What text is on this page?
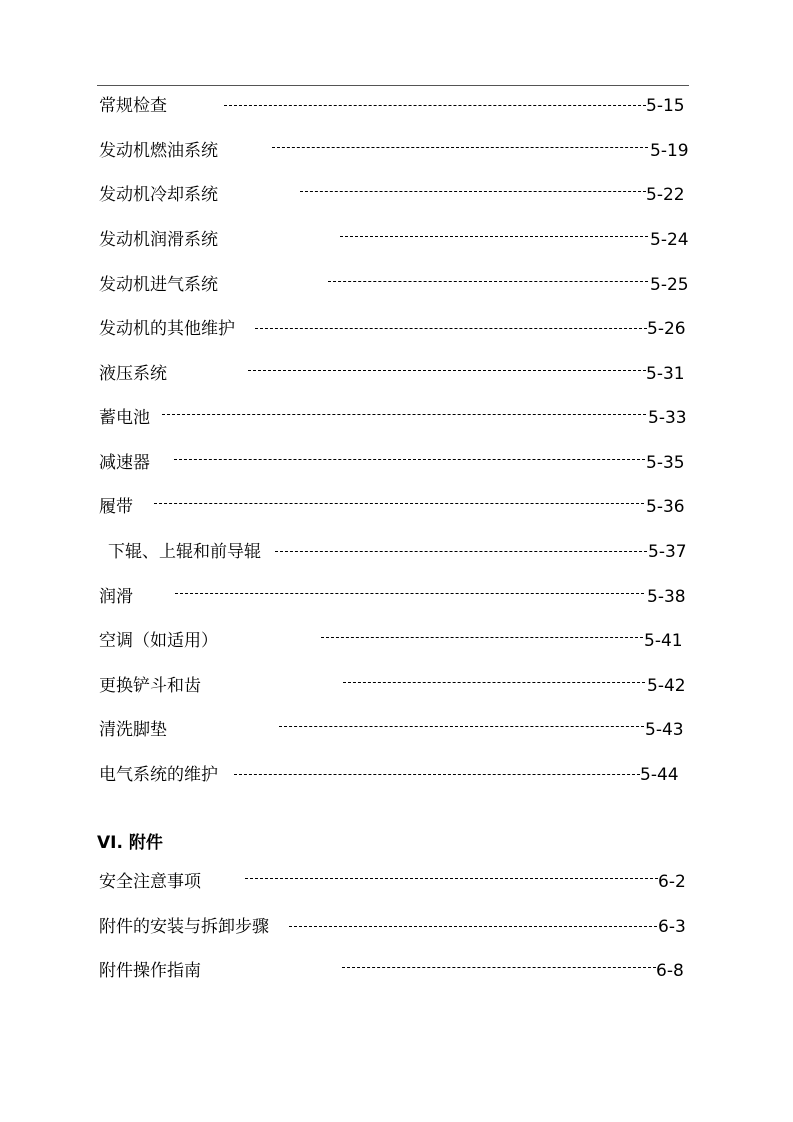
常规检查	5-15
发动机燃油系统	5-19
发动机冷却系统	5-22
发动机润滑系统	5-24
发动机进气系统	5-25
发动机的其他维护	5-26
液压系统	5-31
蓄电池	5-33
减速器	5-35
履带	5-36
下辊、上辊和前导辊	5-37
润滑	5-38
空调（如适用）	5-41
更换铲斗和齿	5-42
清洗脚垫	5-43
电气系统的维护	5-44
VI. 附件
安全注意事项	6-2
附件的安装与拆卸步骤	6-3
附件操作指南	6-8
